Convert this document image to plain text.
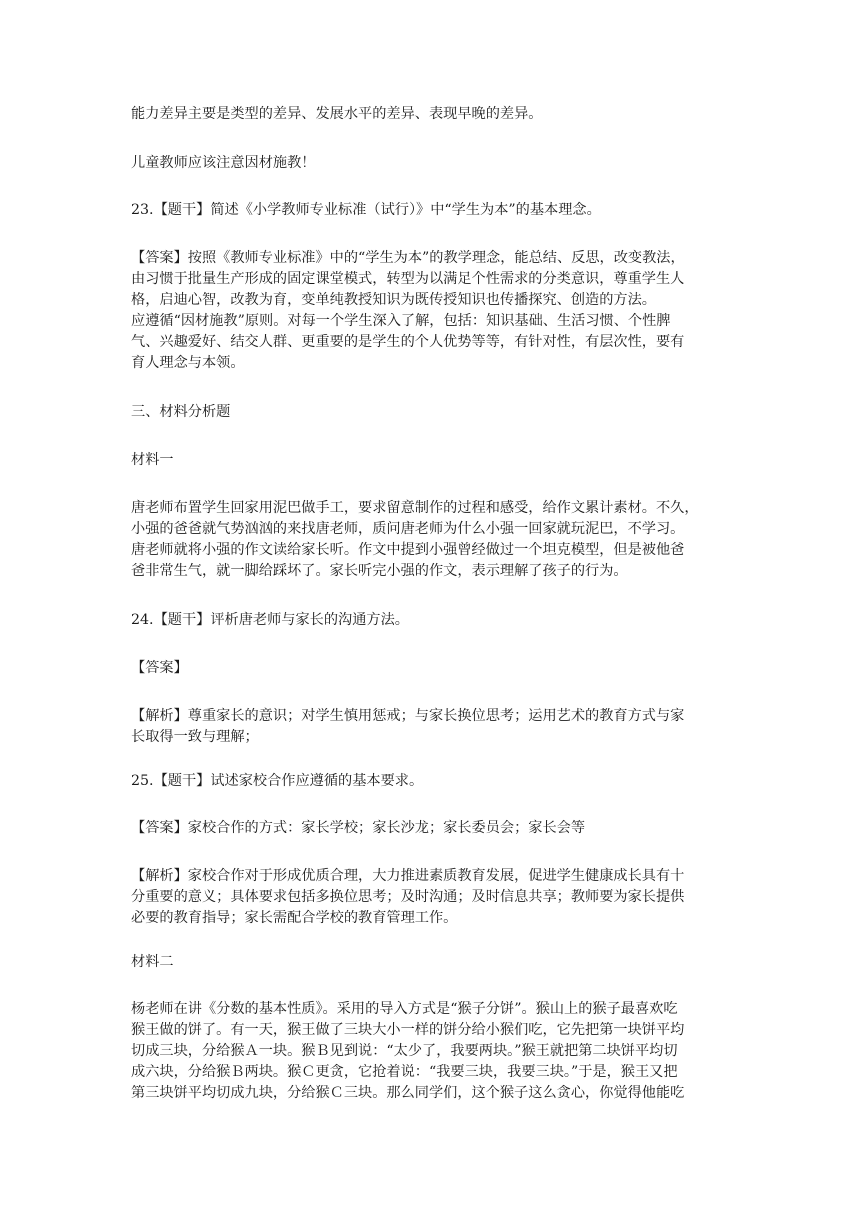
能力差异主要是类型的差异、发展水平的差异、表现早晚的差异。
儿童教师应该注意因材施教！
23.【题干】简述《小学教师专业标准（试行）》中“学生为本”的基本理念。
【答案】按照《教师专业标准》中的“学生为本”的教学理念，能总结、反思，改变教法，
由习惯于批量生产形成的固定课堂模式，转型为以满足个性需求的分类意识，尊重学生人
格，启迪心智，改教为育，变单纯教授知识为既传授知识也传播探究、创造的方法。
应遵循“因材施教”原则。对每一个学生深入了解，包括：知识基础、生活习惯、个性脾
气、兴趣爱好、结交人群、更重要的是学生的个人优势等等，有针对性，有层次性，要有
育人理念与本领。
三、材料分析题
材料一
唐老师布置学生回家用泥巴做手工，要求留意制作的过程和感受，给作文累计素材。不久，
小强的爸爸就气势汹汹的来找唐老师，质问唐老师为什么小强一回家就玩泥巴，不学习。
唐老师就将小强的作文读给家长听。作文中提到小强曾经做过一个坦克模型，但是被他爸
爸非常生气，就一脚给踩坏了。家长听完小强的作文，表示理解了孩子的行为。
24.【题干】评析唐老师与家长的沟通方法。
【答案】
【解析】尊重家长的意识；对学生慎用惩戒；与家长换位思考；运用艺术的教育方式与家
长取得一致与理解；
25.【题干】试述家校合作应遵循的基本要求。
【答案】家校合作的方式：家长学校；家长沙龙；家长委员会；家长会等
【解析】家校合作对于形成优质合理，大力推进素质教育发展，促进学生健康成长具有十
分重要的意义；具体要求包括多换位思考；及时沟通；及时信息共享；教师要为家长提供
必要的教育指导；家长需配合学校的教育管理工作。
材料二
杨老师在讲《分数的基本性质》。采用的导入方式是“猴子分饼”。猴山上的猴子最喜欢吃
猴王做的饼了。有一天，猴王做了三块大小一样的饼分给小猴们吃，它先把第一块饼平均
切成三块，分给猴Ａ一块。猴Ｂ见到说：“太少了，我要两块。”猴王就把第二块饼平均切
成六块，分给猴Ｂ两块。猴Ｃ更贪，它抢着说：“我要三块，我要三块。”于是，猴王又把
第三块饼平均切成九块，分给猴Ｃ三块。那么同学们，这个猴子这么贪心，你觉得他能吃
